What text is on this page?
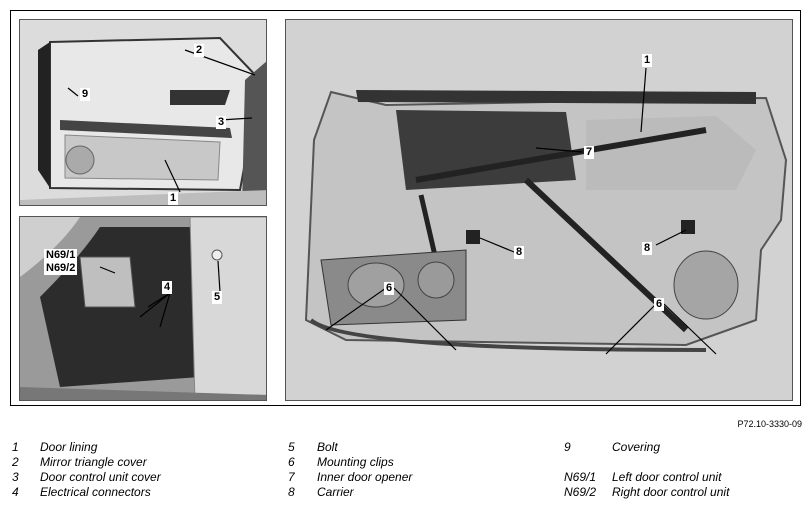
2
3
1
9
N69/1
N69/2
4
5
1
7
8	8
6
6
P72.10-3330-09
1 Door lining
2 Mirror triangle cover
3 Door control unit cover
4 Electrical connectors
5 Bolt
6 Mounting clips
7 Inner door opener
8 Carrier
9	Covering
N69/1 Left door control unit
N69/2 Right door control unit
